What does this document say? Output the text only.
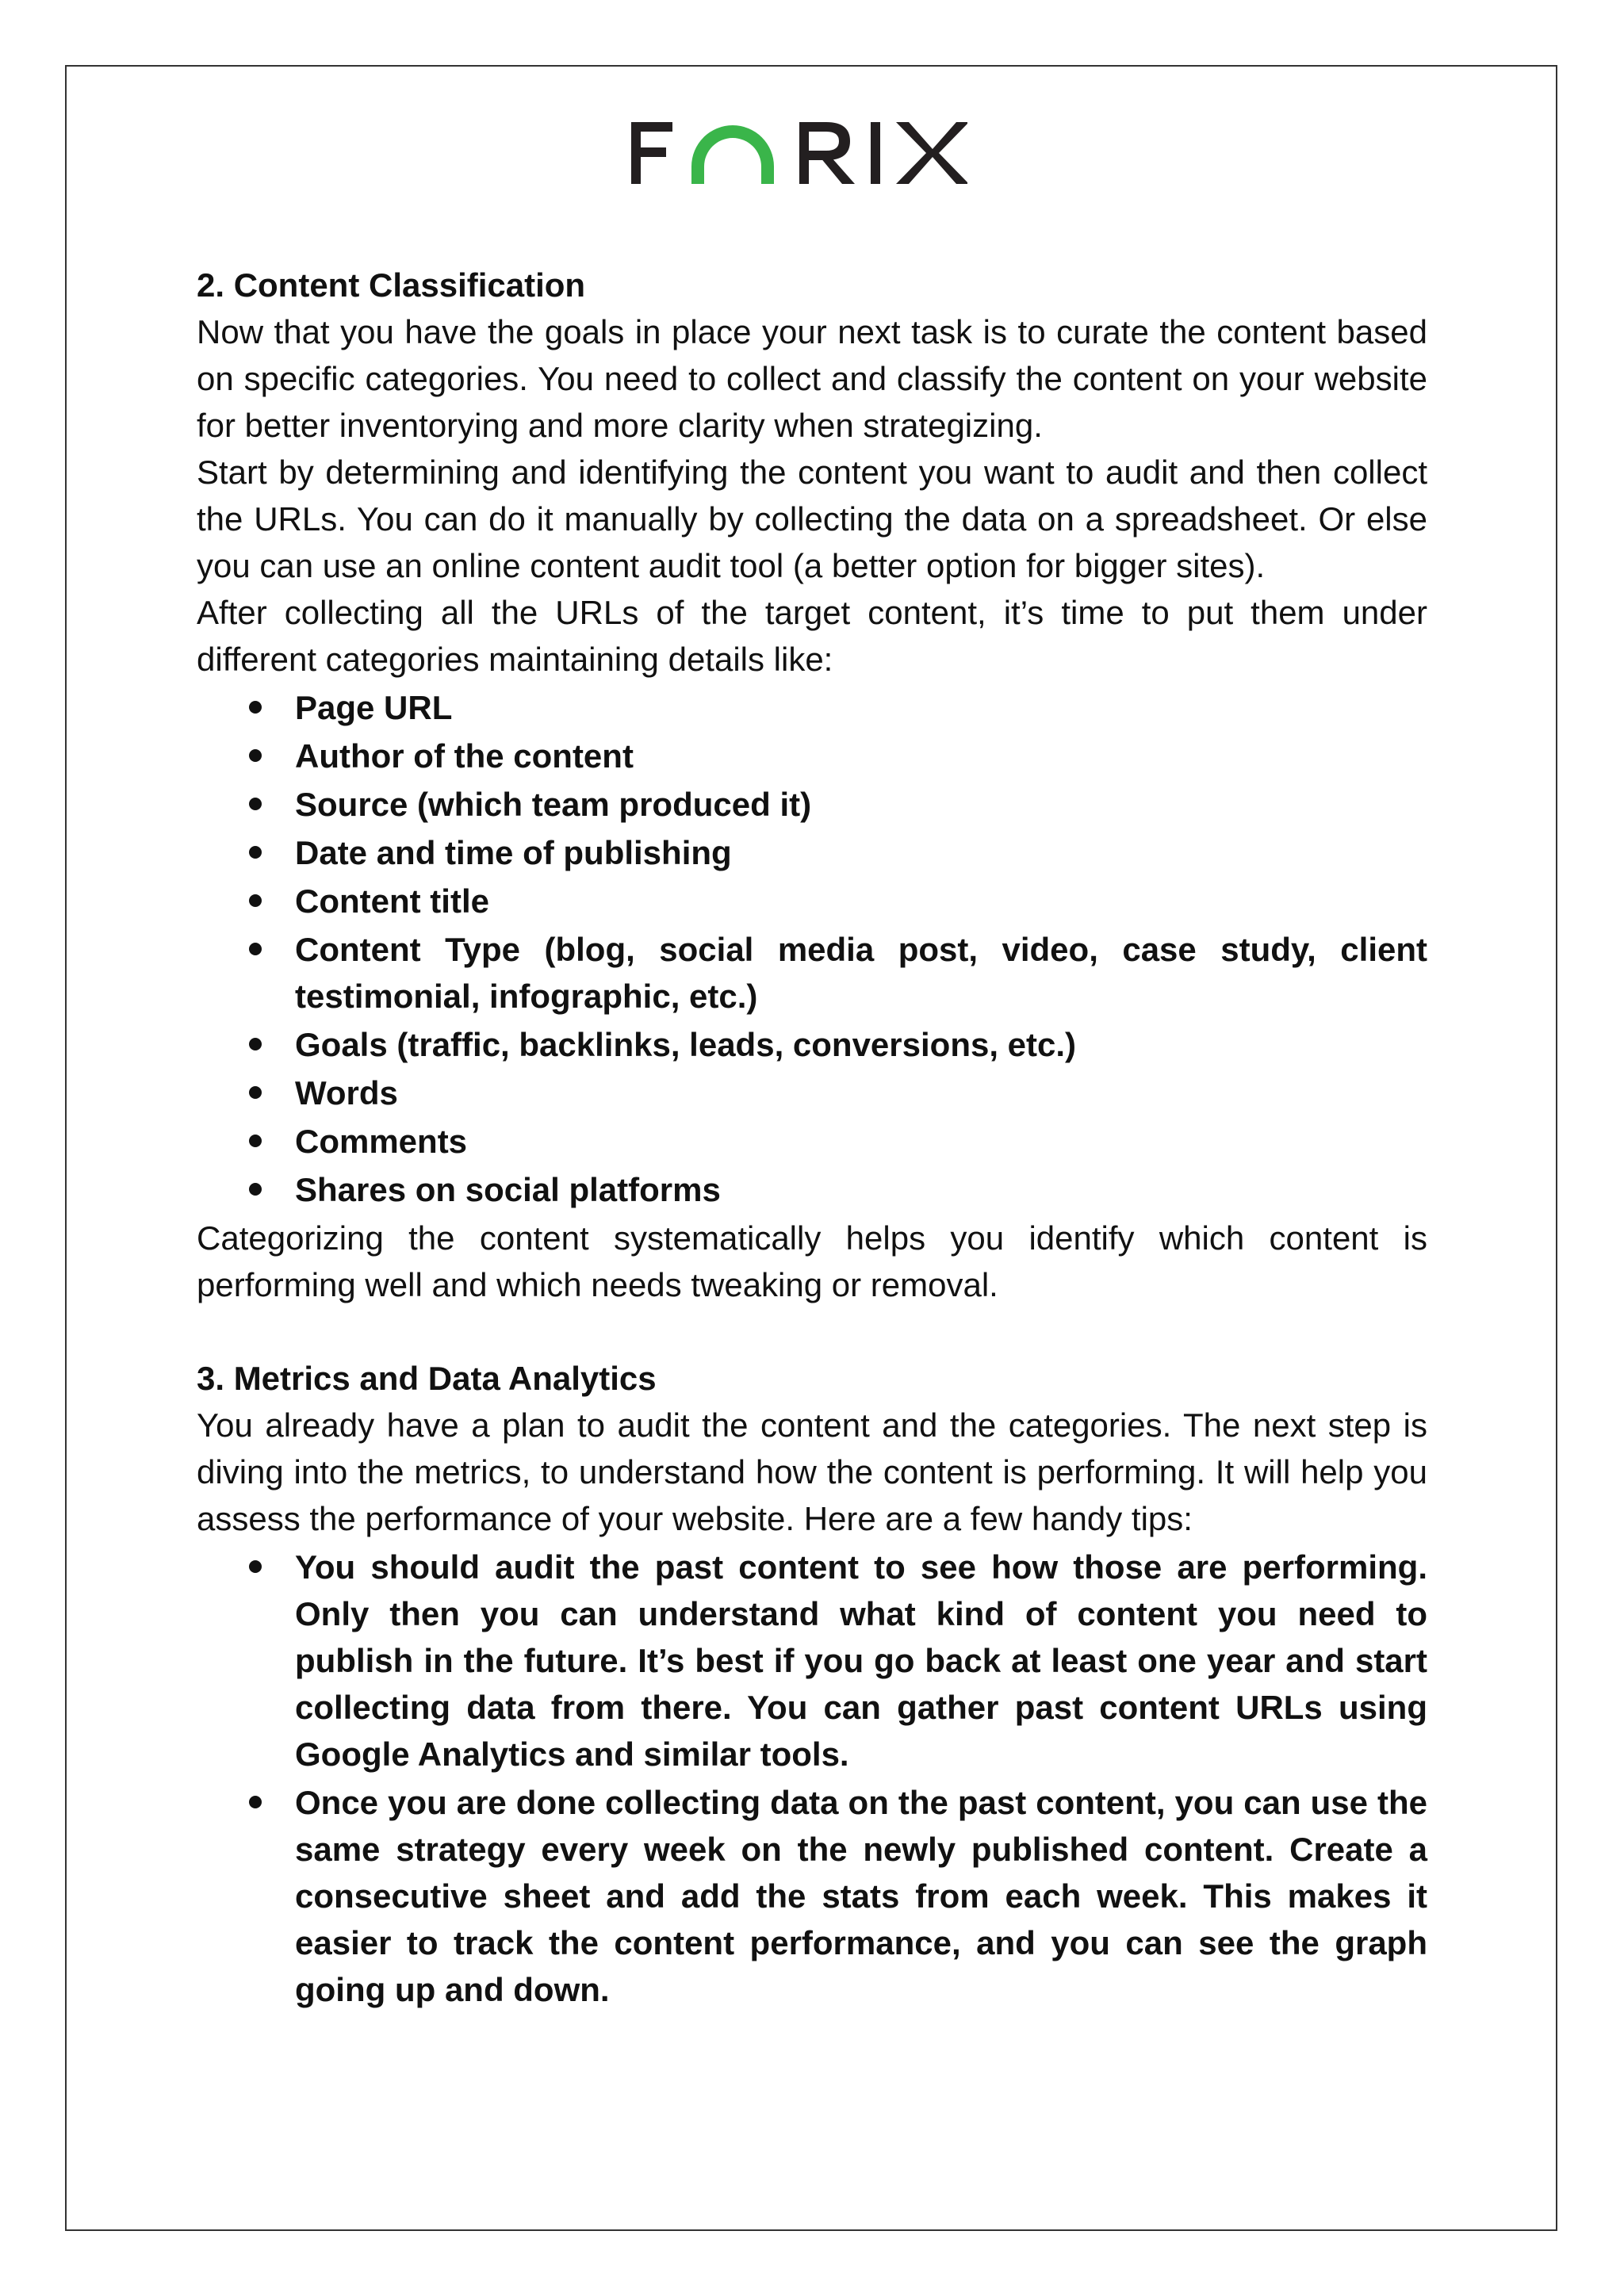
2. Content Classification

Now that you have the goals in place your next task is to curate the content based on specific categories. You need to collect and classify the content on your website for better inventorying and more clarity when strategizing.

Start by determining and identifying the content you want to audit and then collect the URLs. You can do it manually by collecting the data on a spreadsheet. Or else you can use an online content audit tool (a better option for bigger sites).

After collecting all the URLs of the target content, it’s time to put them under different categories maintaining details like:

Page URL
Author of the content
Source (which team produced it)
Date and time of publishing
Content title
Content Type (blog, social media post, video, case study, client testimonial, infographic, etc.)
Goals (traffic, backlinks, leads, conversions, etc.)
Words
Comments
Shares on social platforms

Categorizing the content systematically helps you identify which content is performing well and which needs tweaking or removal.

3. Metrics and Data Analytics

You already have a plan to audit the content and the categories. The next step is diving into the metrics, to understand how the content is performing. It will help you assess the performance of your website. Here are a few handy tips:

You should audit the past content to see how those are performing. Only then you can understand what kind of content you need to publish in the future. It’s best if you go back at least one year and start collecting data from there. You can gather past content URLs using Google Analytics and similar tools.
Once you are done collecting data on the past content, you can use the same strategy every week on the newly published content. Create a consecutive sheet and add the stats from each week. This makes it easier to track the content performance, and you can see the graph going up and down.
